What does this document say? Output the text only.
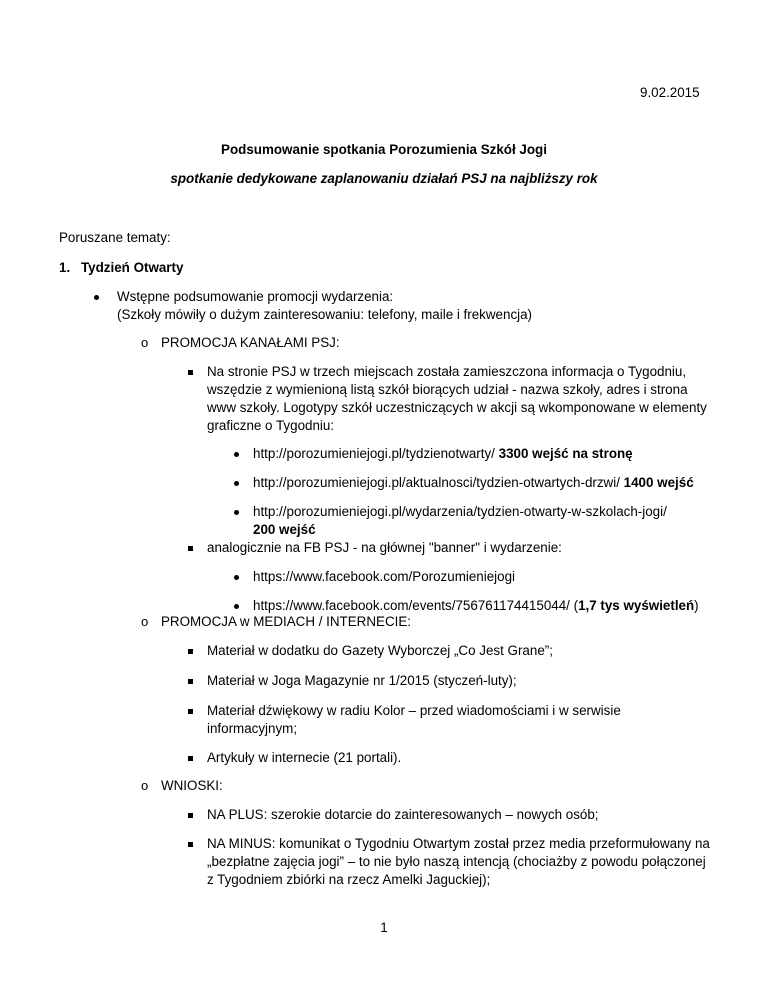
9.02.2015
Podsumowanie spotkania Porozumienia Szkół Jogi
spotkanie dedykowane zaplanowaniu działań PSJ na najbliższy rok
Poruszane tematy:
1. Tydzień Otwarty
Wstępne podsumowanie promocji wydarzenia:
(Szkoły mówiły o dużym zainteresowaniu: telefony, maile i frekwencja)
o PROMOCJA KANAŁAMI PSJ:
Na stronie PSJ w trzech miejscach została zamieszczona informacja o Tygodniu,
wszędzie z wymienioną listą szkół biorących udział - nazwa szkoły, adres i strona
www szkoły. Logotypy szkół uczestniczących w akcji są wkomponowane w elementy
graficzne o Tygodniu:
http://porozumieniejogi.pl/tydzienotwarty/ 3300 wejść na stronę
http://porozumieniejogi.pl/aktualnosci/tydzien-otwartych-drzwi/ 1400 wejść
http://porozumieniejogi.pl/wydarzenia/tydzien-otwarty-w-szkolach-jogi/
200 wejść
analogicznie na FB PSJ - na głównej "banner" i wydarzenie:
https://www.facebook.com/Porozumieniejogi
https://www.facebook.com/events/756761174415044/ (1,7 tys wyświetleń)
o PROMOCJA w MEDIACH / INTERNECIE:
Materiał w dodatku do Gazety Wyborczej „Co Jest Grane”;
Materiał w Joga Magazynie nr 1/2015 (styczeń-luty);
Materiał dźwiękowy w radiu Kolor – przed wiadomościami i w serwisie
informacyjnym;
Artykuły w internecie (21 portali).
o WNIOSKI:
NA PLUS: szerokie dotarcie do zainteresowanych – nowych osób;
NA MINUS: komunikat o Tygodniu Otwartym został przez media przeformułowany na
„bezpłatne zajęcia jogi” – to nie było naszą intencją (chociażby z powodu połączonej
z Tygodniem zbiórki na rzecz Amelki Jaguckiej);
1
